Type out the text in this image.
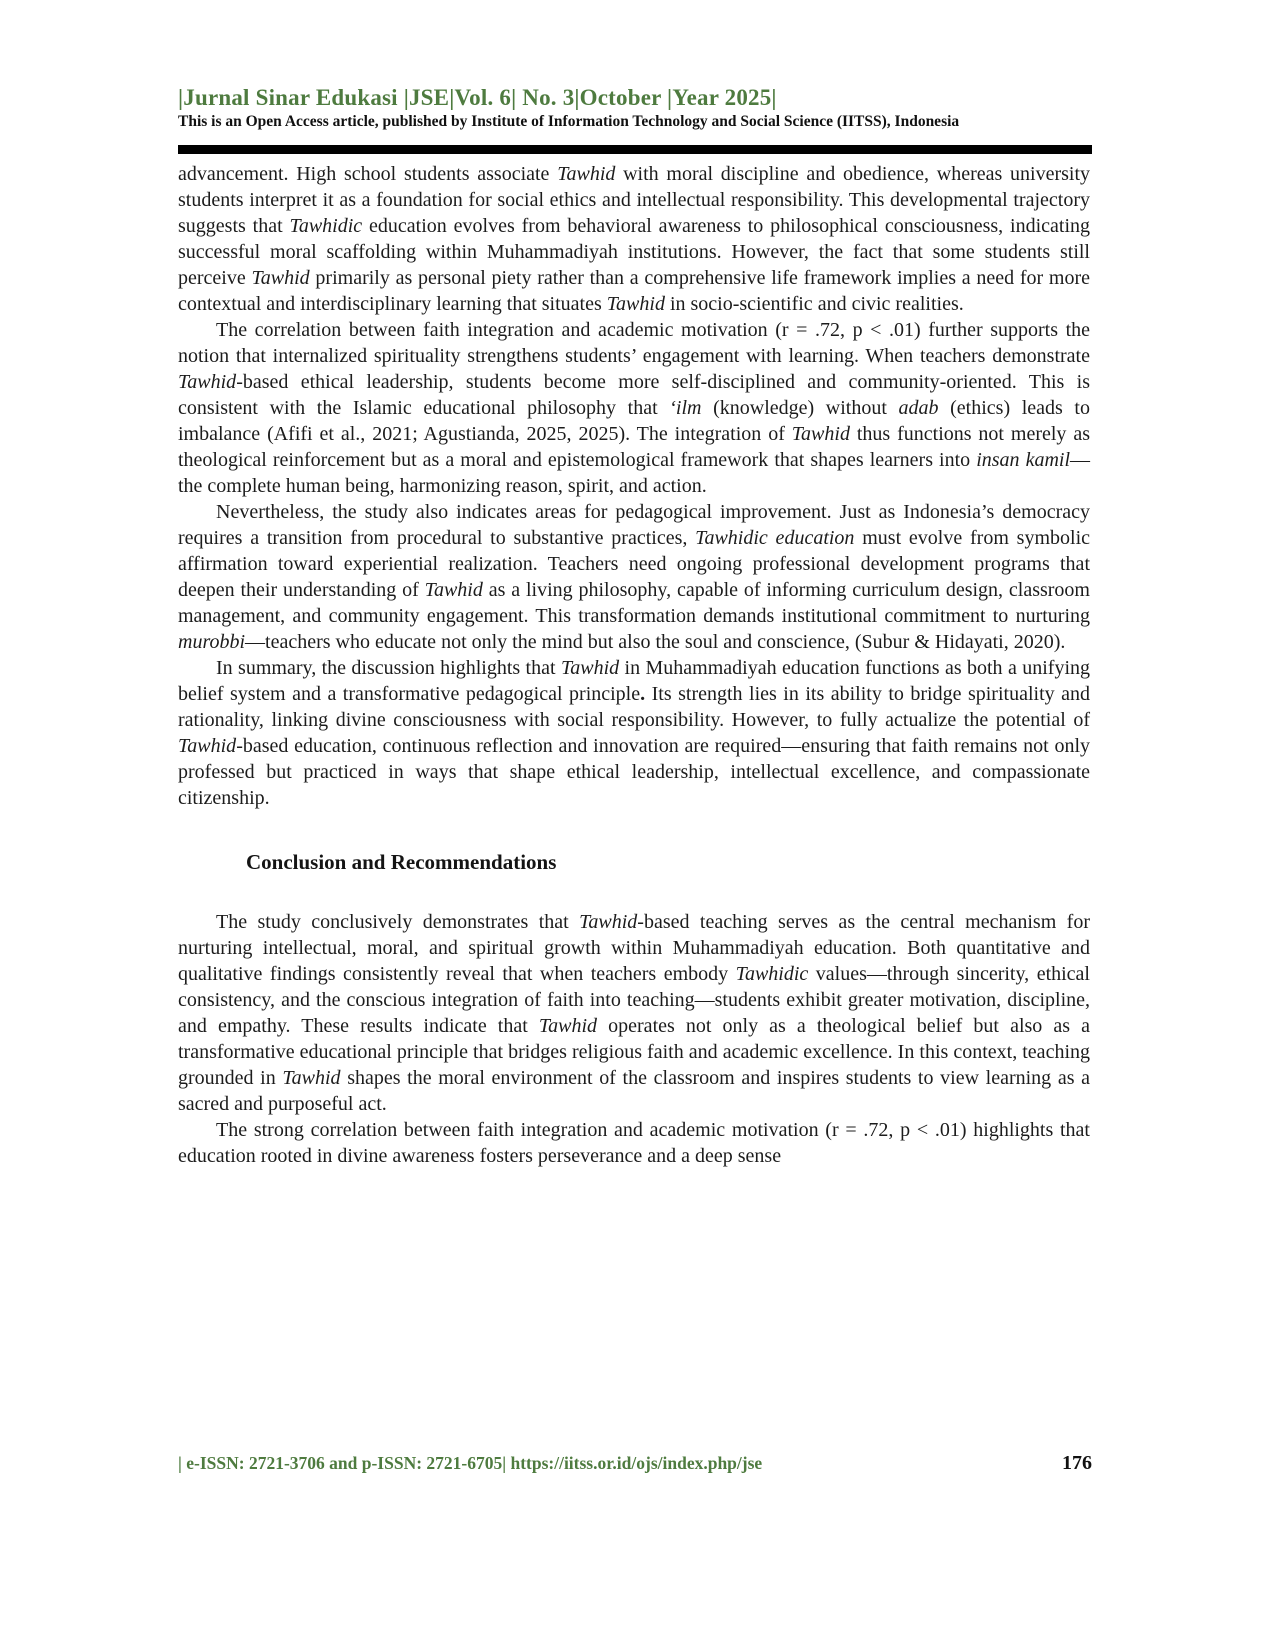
|Jurnal Sinar Edukasi |JSE|Vol. 6| No. 3|October |Year 2025|
This is an Open Access article, published by Institute of Information Technology and Social Science (IITSS), Indonesia

advancement. High school students associate Tawhid with moral discipline and obedience, whereas university students interpret it as a foundation for social ethics and intellectual responsibility. This developmental trajectory suggests that Tawhidic education evolves from behavioral awareness to philosophical consciousness, indicating successful moral scaffolding within Muhammadiyah institutions. However, the fact that some students still perceive Tawhid primarily as personal piety rather than a comprehensive life framework implies a need for more contextual and interdisciplinary learning that situates Tawhid in socio-scientific and civic realities.

The correlation between faith integration and academic motivation (r = .72, p < .01) further supports the notion that internalized spirituality strengthens students’ engagement with learning. When teachers demonstrate Tawhid-based ethical leadership, students become more self-disciplined and community-oriented. This is consistent with the Islamic educational philosophy that ‘ilm (knowledge) without adab (ethics) leads to imbalance (Afifi et al., 2021; Agustianda, 2025, 2025). The integration of Tawhid thus functions not merely as theological reinforcement but as a moral and epistemological framework that shapes learners into insan kamil—the complete human being, harmonizing reason, spirit, and action.

Nevertheless, the study also indicates areas for pedagogical improvement. Just as Indonesia’s democracy requires a transition from procedural to substantive practices, Tawhidic education must evolve from symbolic affirmation toward experiential realization. Teachers need ongoing professional development programs that deepen their understanding of Tawhid as a living philosophy, capable of informing curriculum design, classroom management, and community engagement. This transformation demands institutional commitment to nurturing murobbi—teachers who educate not only the mind but also the soul and conscience, (Subur & Hidayati, 2020).

In summary, the discussion highlights that Tawhid in Muhammadiyah education functions as both a unifying belief system and a transformative pedagogical principle. Its strength lies in its ability to bridge spirituality and rationality, linking divine consciousness with social responsibility. However, to fully actualize the potential of Tawhid-based education, continuous reflection and innovation are required—ensuring that faith remains not only professed but practiced in ways that shape ethical leadership, intellectual excellence, and compassionate citizenship.

Conclusion and Recommendations

The study conclusively demonstrates that Tawhid-based teaching serves as the central mechanism for nurturing intellectual, moral, and spiritual growth within Muhammadiyah education. Both quantitative and qualitative findings consistently reveal that when teachers embody Tawhidic values—through sincerity, ethical consistency, and the conscious integration of faith into teaching—students exhibit greater motivation, discipline, and empathy. These results indicate that Tawhid operates not only as a theological belief but also as a transformative educational principle that bridges religious faith and academic excellence. In this context, teaching grounded in Tawhid shapes the moral environment of the classroom and inspires students to view learning as a sacred and purposeful act.

The strong correlation between faith integration and academic motivation (r = .72, p < .01) highlights that education rooted in divine awareness fosters perseverance and a deep sense

| e-ISSN: 2721-3706 and p-ISSN: 2721-6705| https://iitss.or.id/ojs/index.php/jse	176
